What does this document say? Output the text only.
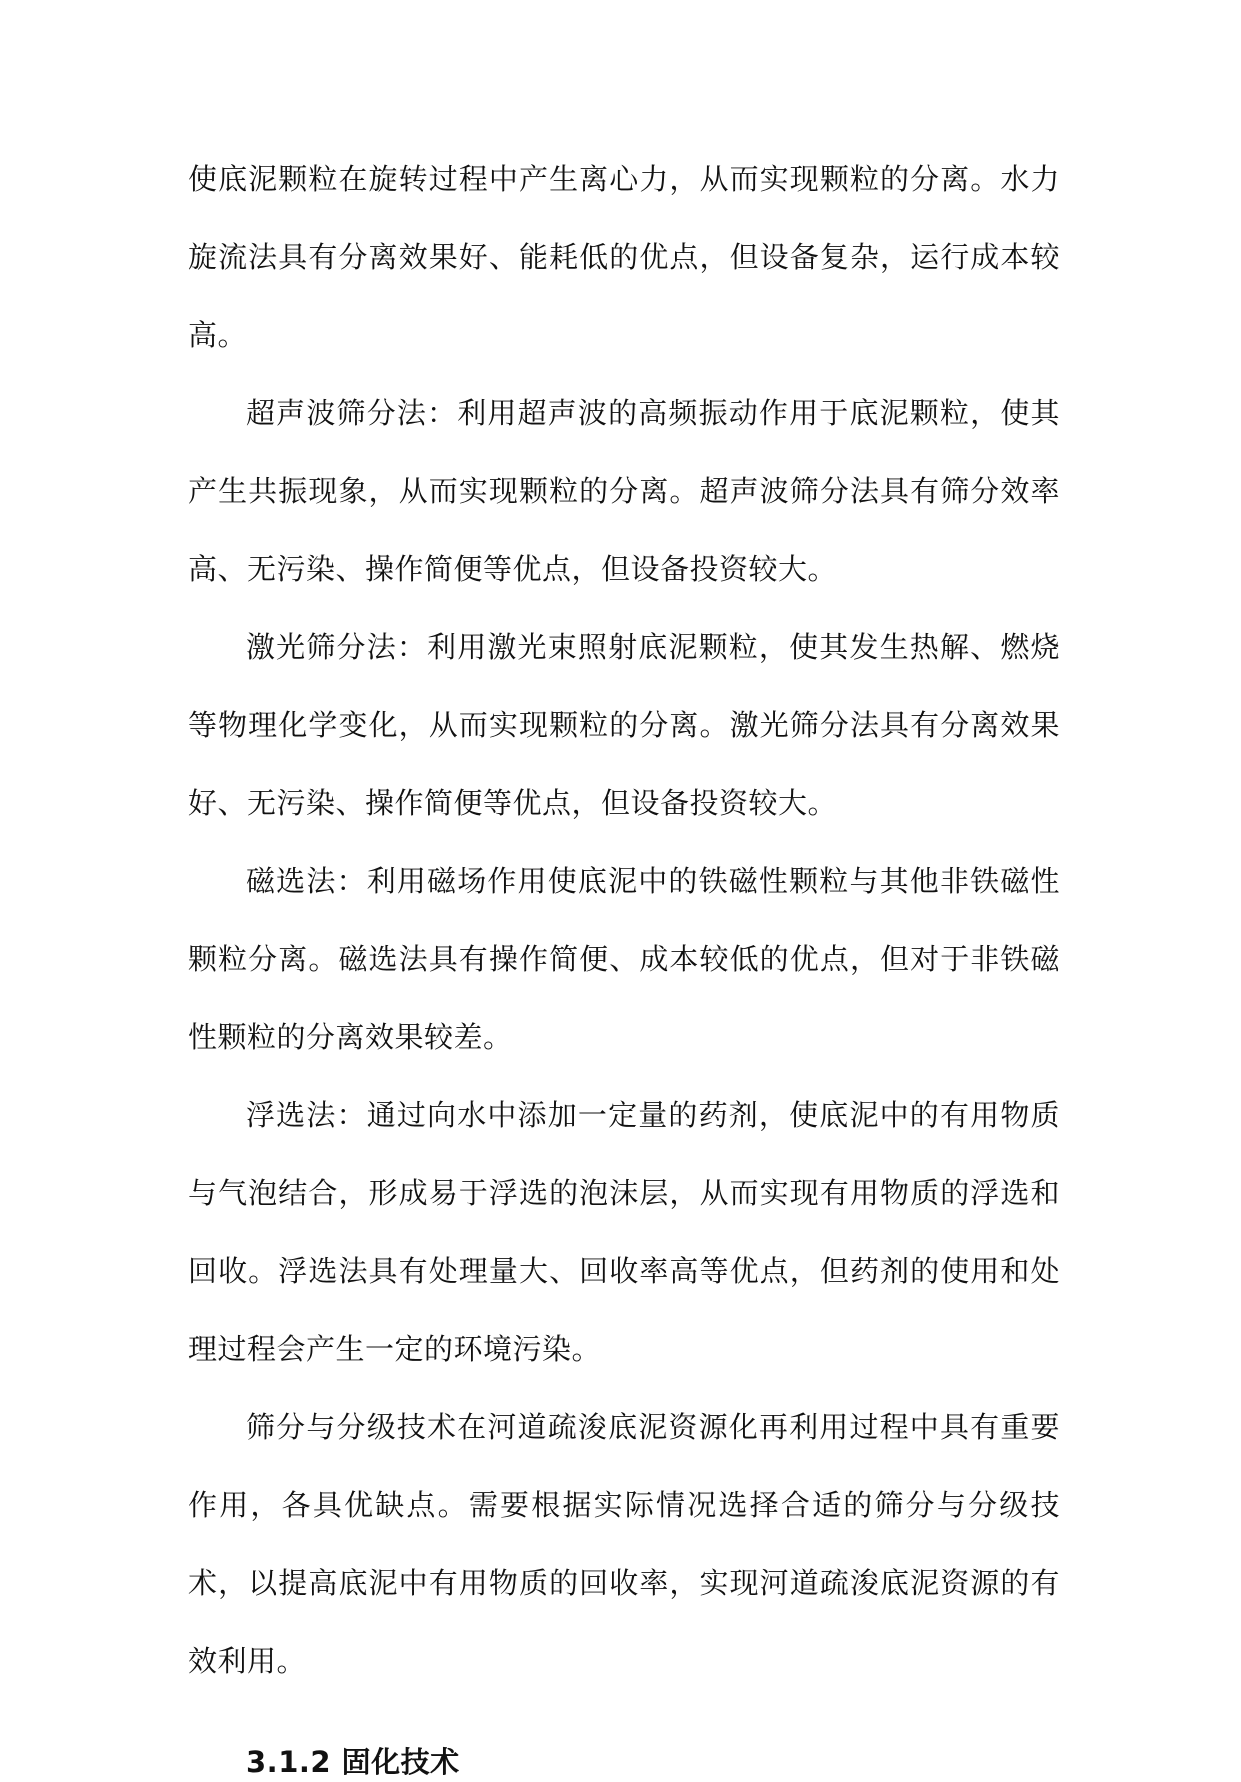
使底泥颗粒在旋转过程中产生离心力，从而实现颗粒的分离。水力旋流法具有分离效果好、能耗低的优点，但设备复杂，运行成本较高。

超声波筛分法：利用超声波的高频振动作用于底泥颗粒，使其产生共振现象，从而实现颗粒的分离。超声波筛分法具有筛分效率高、无污染、操作简便等优点，但设备投资较大。

激光筛分法：利用激光束照射底泥颗粒，使其发生热解、燃烧等物理化学变化，从而实现颗粒的分离。激光筛分法具有分离效果好、无污染、操作简便等优点，但设备投资较大。

磁选法：利用磁场作用使底泥中的铁磁性颗粒与其他非铁磁性颗粒分离。磁选法具有操作简便、成本较低的优点，但对于非铁磁性颗粒的分离效果较差。

浮选法：通过向水中添加一定量的药剂，使底泥中的有用物质与气泡结合，形成易于浮选的泡沫层，从而实现有用物质的浮选和回收。浮选法具有处理量大、回收率高等优点，但药剂的使用和处理过程会产生一定的环境污染。

筛分与分级技术在河道疏浚底泥资源化再利用过程中具有重要作用，各具优缺点。需要根据实际情况选择合适的筛分与分级技术，以提高底泥中有用物质的回收率，实现河道疏浚底泥资源的有效利用。

3.1.2 固化技术
